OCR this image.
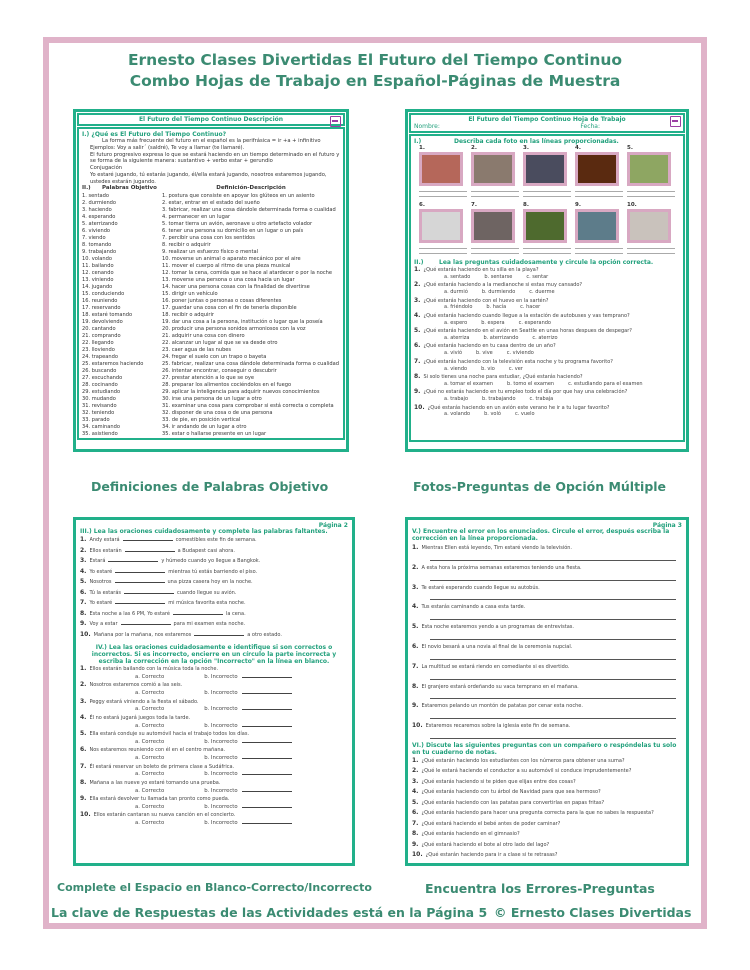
Ernesto Clases Divertidas El Futuro del Tiempo Continuo
Combo Hojas de Trabajo en Español-Páginas de Muestra
El Futuro del Tiempo Continuo Descripción
I.) ¿Qué es El Futuro del Tiempo Continuo?
La forma más frecuente del futuro en el español es la perifrásica = ir +a + infinitivo
Ejemplos: Voy a salir´ (saldré), Te voy a llamar (te llamaré).
El futuro progresivo expresa lo que se estará haciendo en un tiempo determinado en el futuro y se forma de la siguiente manera: sustantivo + verbo estar + gerundio
Conjugación
Yo estaré jugando, tú estarás jugando, él/ella estará jugando, nosotros estaremos jugando, ustedes estarán jugando.
II.)	Palabras Objetivo	Definición-Descripción
1. sentado	1. postura que consiste en apoyar los glúteos en un asiento
2. durmiendo	2. estar, entrar en el estado del sueño
3. haciendo	3. fabricar, realizar una cosa dándole determinada forma o cualidad
4. esperando	4. permanecer en un lugar
5. aterrizando	5. tomar tierra un avión, aeronave u otro artefacto volador
6. viviendo	6. tener una persona su domicilio en un lugar o un país
7. viendo	7. percibir una cosa con los sentidos
8. tomando	8. recibir o adquirir
9. trabajando	9. realizar un esfuerzo físico o mental
10. volando	10. moverse un animal o aparato mecánico por el aire
11. bailando	11. mover el cuerpo al ritmo de una pieza musical
12. cenando	12. tomar la cena, comida que se hace al atardecer o por la noche
13. viniendo	13. moverse una persona o una cosa hacia un lugar
14. jugando	14. hacer una persona cosas con la finalidad de divertirse
15. conduciendo	15. dirigir un vehículo
16. reuniendo	16. poner juntas o personas o cosas diferentes
17. reservando	17. guardar una cosa con el fin de tenerla disponible
18. estaré tomando	18. recibir o adquirir
19. devolviendo	19. dar una cosa a la persona, institución o lugar que la poseía
20. cantando	20. producir una persona sonidos armoniosos con la voz
21. comprando	21. adquirir una cosa con dinero
22. llegando	22. alcanzar un lugar al que se va desde otro
23. lloviendo	23. caer agua de las nubes
24. trapeando	24. fregar el suelo con un trapo o bayeta
25. estaremos haciendo	25. fabricar, realizar una cosa dándole determinada forma o cualidad
26. buscando	26. intentar encontrar, conseguir o descubrir
27. escuchando	27. prestar atención a lo que se oye
28. cocinando	28. preparar los alimentos cociéndolos en el fuego
29. estudiando	29. aplicar la inteligencia para adquirir nuevos conocimientos
30. mudando	30. irse una persona de un lugar a otro
31. revisando	31. examinar una cosa para comprobar si está correcta o completa
32. teniendo	32. disponer de una cosa o de una persona
33. parado	33. de pie, en posición vertical
34. caminando	34. ir andando de un lugar a otro
35. asistiendo	35. estar o hallarse presente en un lugar
El Futuro del Tiempo Continuo Hoja de Trabajo
Nombre:	Fecha:
I.)	Describa cada foto en las líneas proporcionadas.
1.	2.	3.	4.	5.
6.	7.	8.	9.	10.
II.)	Lea las preguntas cuidadosamente y circule la opción correcta.
1. ¿Qué estarás haciendo en tu silla en la playa?
a. sentado	b. sentarse	c. sentar
2. ¿Qué estarás haciendo a la medianoche si estas muy cansado?
a. durmió	b. durmiendo	c. duerme
3. ¿Qué estarás haciendo con el huevo en la sartén?
a. friéndolo	b. hacía	c. hacer
4. ¿Qué estarás haciendo cuando llegue a la estación de autobuses y vas temprano?
a. espero	b. espera	c. esperando
5. ¿Qué estarás haciendo en el avión en Seattle en unas horas despues de despegar?
a. aterriza	b. aterrizando	c. aterrizo
6. ¿Qué estarás haciendo en tu casa dentro de un año?
a. vivió	b. vive	c. viviendo
7. ¿Qué estarás haciendo con la televisión esta noche y tu programa favorito?
a. viendo	b. vio	c. ver
8. Si solo tienes una noche para estudiar, ¿Qué estarás haciendo?
a. tomar el examen	b. tomo el examen	c. estudiando para el examen
9. ¿Qué no estarás haciendo en tu empleo todo el día por que hay una celebración?
a. trabajo	b. trabajando	c. trabaja
10. ¿Qué estarás haciendo en un avión este verano hе ir a tu lugar favorito?
a. volando	b. voló	c. vuelo
Página 2
III.) Lea las oraciones cuidadosamente y complete las palabras faltantes.
1. Andy estará	comestibles este fin de semana.
2. Ellos estarán	a Budapest casi ahora.
3. Estará	y húmedo cuando yo llegue a Bangkok.
4. Yo estaré	mientras tú estás barriendo el piso.
5. Nosotros	una pizza casera hoy en la noche.
6. Tú la estarás	cuando llegue su avión.
7. Yo estaré	mi música favorita esta noche.
8. Esta noche a las 6 PM, Yo estaré	la cena.
9. Voy a estar	para mi examen esta noche.
10. Mañana por la mañana, nos estaremos	a otro estado.
IV.) Lea las oraciones cuidadosamente e identifique si son correctos o incorrectos. Si es incorrecto, encierre en un círculo la parte incorrecta y escriba la corrección en la opción "Incorrecto" en la línea en blanco.
1. Ellos estarán bailando con la música toda la noche.
a. Correcto	b. Incorrecto
2. Nosotros estaremos comió a las seis.
a. Correcto	b. Incorrecto
3. Peggy estará viniendo a la fiesta el sábado.
a. Correcto	b. Incorrecto
4. Él no estará jugará juegos toda la tarde.
a. Correcto	b. Incorrecto
5. Ella estará conduje su automóvil hacia el trabajo todos los días.
a. Correcto	b. Incorrecto
6. Nos estaremos reuniendo con él en el centro mañana.
a. Correcto	b. Incorrecto
7. Él estará reservar un boleto de primera clase a Sudáfrica.
a. Correcto	b. Incorrecto
8. Mañana a las nueve yo estaré tomando una prueba.
a. Correcto	b. Incorrecto
9. Ella estará devolver tu llamada tan pronto como pueda.
a. Correcto	b. Incorrecto
10. Ellos estarán cantaran su nueva canción en el concierto.
a. Correcto	b. Incorrecto
Página 3
V.) Encuentre el error en los enunciados. Circule el error, después escriba la corrección en la línea proporcionada.
1. Mientras Ellen está leyendo, Tim estaré viendo la televisión.
2. A esta hora la próxima semanas estaremos teniendo una fiesta.
3. Te estaré esperando cuando llegue su autobús.
4. Tus estarás caminando a casa esta tarde.
5. Esta noche estaremos yendo a un programas de entrevistas.
6. El novio besará a una novia al final de la ceremonia nupcial.
7. La multitud se estará riendo en comediante si es divertido.
8. El granjero estará ordeñando su vaca temprano en el mañana.
9. Estaremos pelando un montón de patatas por cenar esta noche.
10. Estaremos recaremos sobre la iglesia este fin de semana.
VI.) Discute las siguientes preguntas con un compañero o respóndelas tu solo en tu cuaderno de notas.
1. ¿Qué estarán haciendo los estudiantes con los números para obtener una suma?
2. ¿Qué le estará haciendo el conductor a su automóvil si conduce imprudentemente?
3. ¿Qué estarás haciendo si te piden que elijas entre dos cosas?
4. ¿Qué estarás haciendo con tu árbol de Navidad para que sea hermoso?
5. ¿Qué estarás haciendo con las patatas para convertirlas en papas fritas?
6. ¿Qué estarás haciendo para hacer una pregunta correcta para la que no sabes la respuesta?
7. ¿Qué estará haciendo el bebé antes de poder caminar?
8. ¿Qué estarás haciendo en el gimnasio?
9. ¿Qué estará haciendo el bote al otro lado del lago?
10. ¿Qué estarán haciendo para ir a clase si te retrasas?
Definiciones de Palabras Objetivo	Fotos-Preguntas de Opción Múltiple
Complete el Espacio en Blanco-Correcto/Incorrecto	Encuentra los Errores-Preguntas
La clave de Respuestas de las Actividades está en la Página 5 © Ernesto Clases Divertidas
